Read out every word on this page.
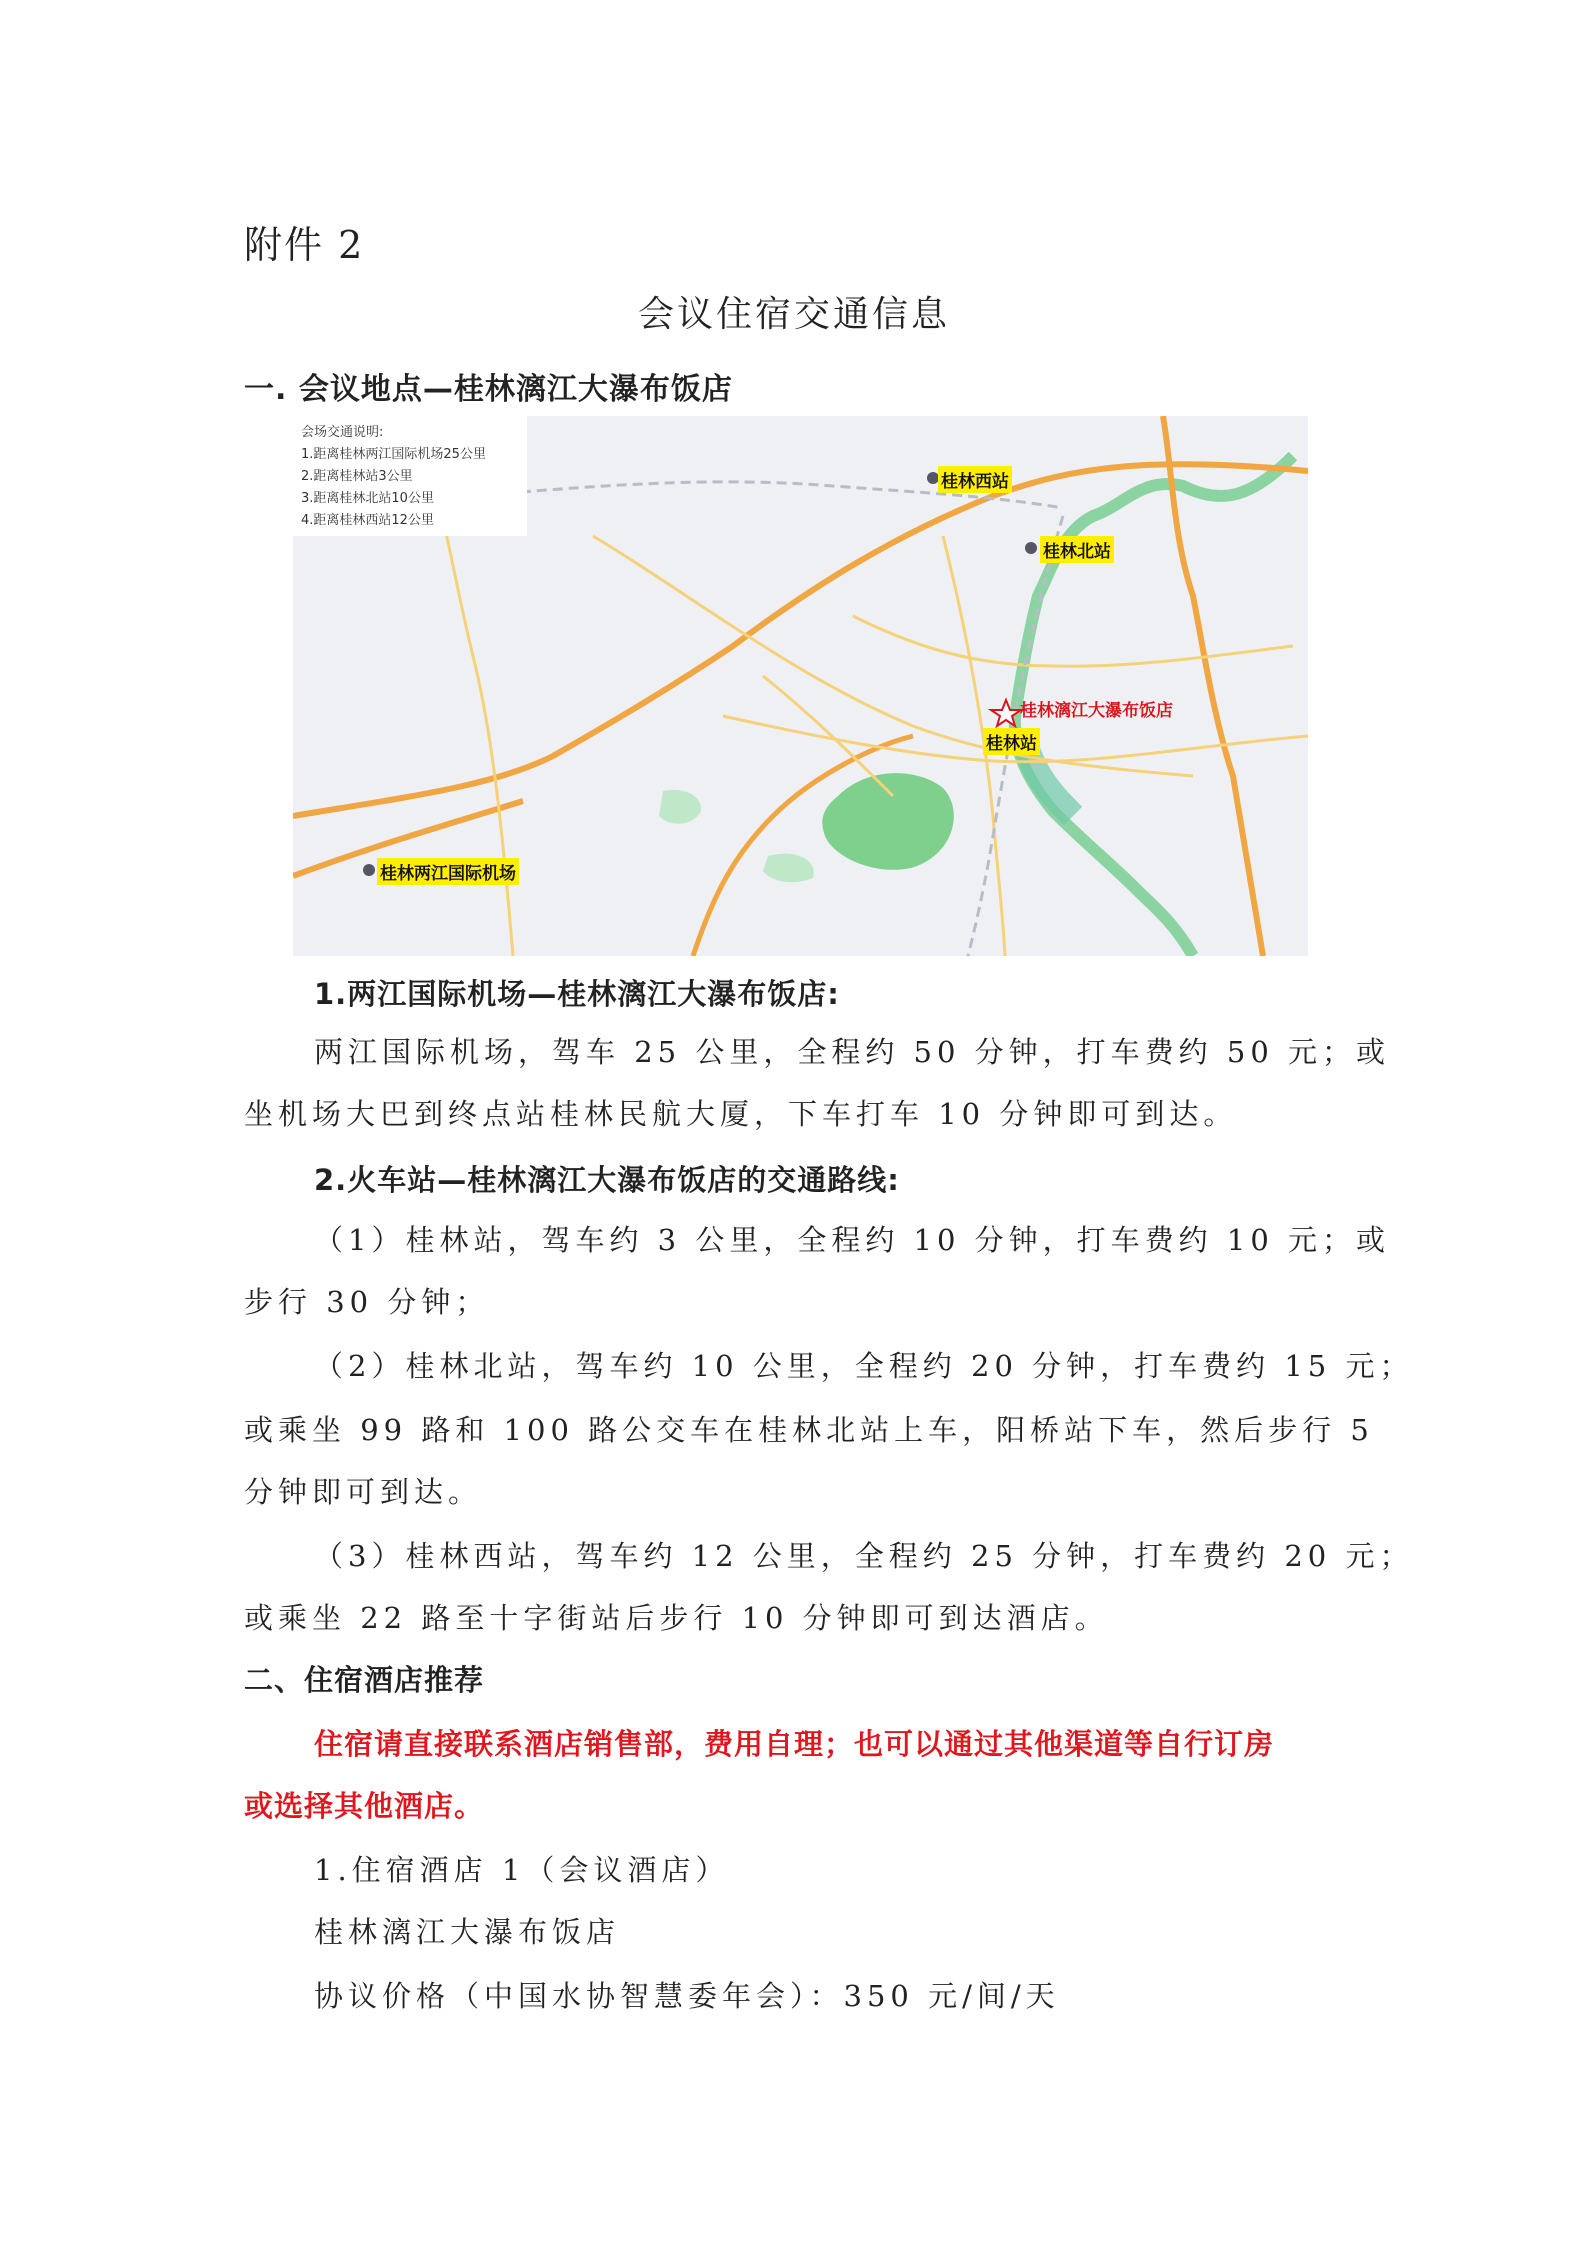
附件 2
会议住宿交通信息
一. 会议地点—桂林漓江大瀑布饭店
会场交通说明:
1.距离桂林两江国际机场25公里
2.距离桂林站3公里
3.距离桂林北站10公里
4.距离桂林西站12公里
桂林西站
桂林北站
桂林站
桂林两江国际机场
桂林漓江大瀑布饭店
1.两江国际机场—桂林漓江大瀑布饭店:
两江国际机场，驾车 25 公里，全程约 50 分钟，打车费约 50 元；或
坐机场大巴到终点站桂林民航大厦，下车打车 10 分钟即可到达。
2.火车站—桂林漓江大瀑布饭店的交通路线:
（1）桂林站，驾车约 3 公里，全程约 10 分钟，打车费约 10 元；或
步行 30 分钟；
（2）桂林北站，驾车约 10 公里，全程约 20 分钟，打车费约 15 元；
或乘坐 99 路和 100 路公交车在桂林北站上车，阳桥站下车，然后步行 5
分钟即可到达。
（3）桂林西站，驾车约 12 公里，全程约 25 分钟，打车费约 20 元；
或乘坐 22 路至十字街站后步行 10 分钟即可到达酒店。
二、住宿酒店推荐
住宿请直接联系酒店销售部，费用自理；也可以通过其他渠道等自行订房
或选择其他酒店。
1.住宿酒店 1（会议酒店）
桂林漓江大瀑布饭店
协议价格（中国水协智慧委年会）：350 元/间/天
